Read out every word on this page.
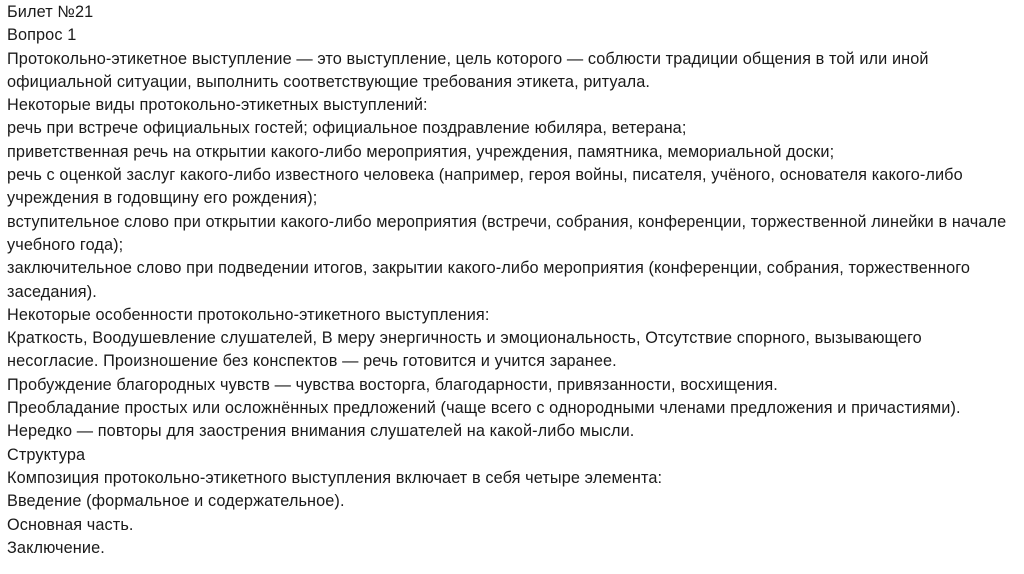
Билет №21
Вопрос 1
Протокольно-этикетное выступление — это выступление, цель которого — соблюсти традиции общения в той или иной официальной ситуации, выполнить соответствующие требования этикета, ритуала.
Некоторые виды протокольно-этикетных выступлений:
речь при встрече официальных гостей; официальное поздравление юбиляра, ветерана;
приветственная речь на открытии какого-либо мероприятия, учреждения, памятника, мемориальной доски;
речь с оценкой заслуг какого-либо известного человека (например, героя войны, писателя, учёного, основателя какого-либо учреждения в годовщину его рождения);
вступительное слово при открытии какого-либо мероприятия (встречи, собрания, конференции, торжественной линейки в начале учебного года);
заключительное слово при подведении итогов, закрытии какого-либо мероприятия (конференции, собрания, торжественного заседания).
Некоторые особенности протокольно-этикетного выступления:
Краткость, Воодушевление слушателей, В меру энергичность и эмоциональность, Отсутствие спорного, вызывающего несогласие. Произношение без конспектов — речь готовится и учится заранее.
Пробуждение благородных чувств — чувства восторга, благодарности, привязанности, восхищения.
Преобладание простых или осложнённых предложений (чаще всего с однородными членами предложения и причастиями).
Нередко — повторы для заострения внимания слушателей на какой-либо мысли.
Структура
Композиция протокольно-этикетного выступления включает в себя четыре элемента:
Введение (формальное и содержательное).
Основная часть.
Заключение.
